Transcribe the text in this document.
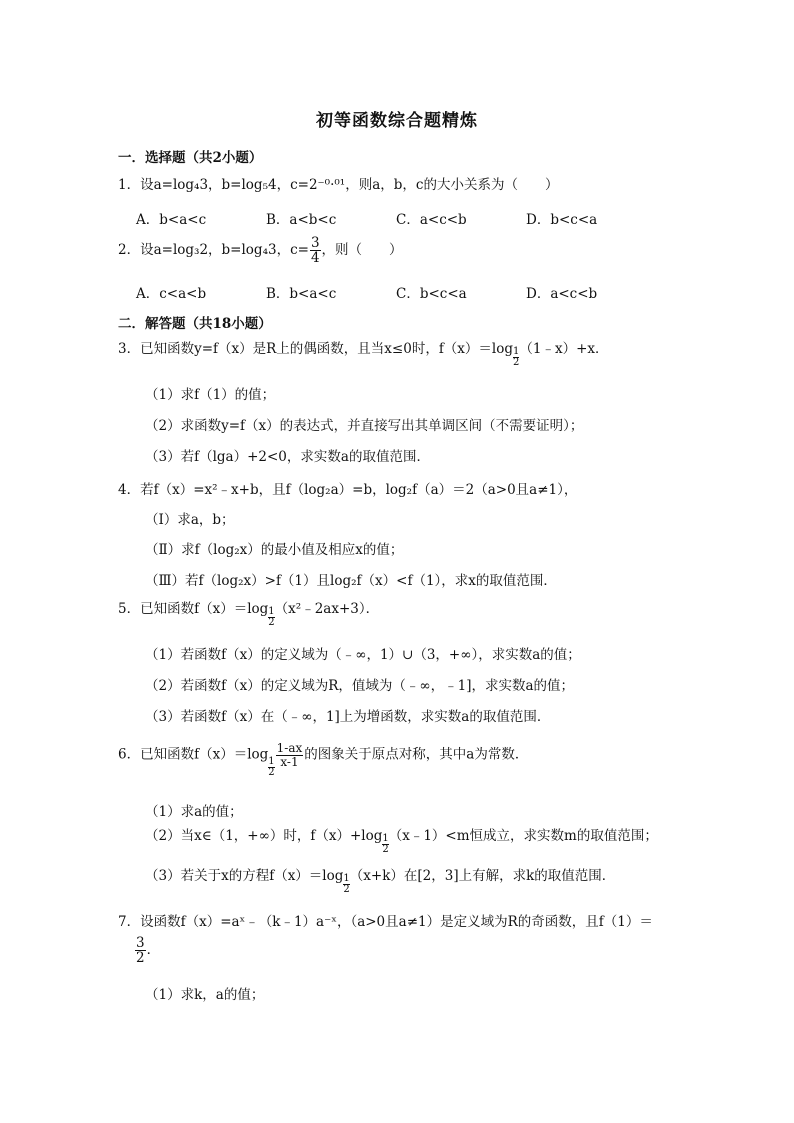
初等函数综合题精炼
一．选择题（共2小题）
1．设a=log₄3，b=log₅4，c=2⁻⁰·⁰¹，则a，b，c的大小关系为（　　）
A．b<a<c	B．a<b<c	C．a<c<b	D．b<c<a
2．设a=log₃2，b=log₄3，$c= \frac{3}{4}$ ，则（　　）
A．c<a<b	B．b<a<c	C．b<c<a	D．a<c<b
二．解答题（共18小题）
3．已知函数y=f（x）是R上的偶函数，且当x≤0时，$f(x)=\log \frac{1}{2}$ （1﹣x）+x．
（1）求f（1）的值；
（2）求函数y=f（x）的表达式，并直接写出其单调区间（不需要证明）；
（3）若f（lga）+2<0，求实数a的取值范围．
4．若f（x）=x²﹣x+b，且f（log₂a）=b，log₂f（a）＝2（a>0且a≠1），
（Ⅰ）求a，b；
（Ⅱ）求f（log₂x）的最小值及相应x的值；
（Ⅲ）若f（log₂x）>f（1）且log₂f（x）<f（1），求x的取值范围．
5．已知函数$f(x)=\log \frac{1}{2}$ （x²﹣2ax+3）．
（1）若函数f（x）的定义域为（﹣∞，1）∪（3，+∞），求实数a的值；
（2）若函数f（x）的定义域为R，值域为（﹣∞，﹣1]，求实数a的值；
（3）若函数f（x）在（﹣∞，1]上为增函数，求实数a的取值范围．
6．已知函数f（x）＝log
$\frac{1}{2} \frac{1-ax}{x-1}$ 的图象关于原点对称，其中a为常数．
（1）求a的值；
（2）当x∈（1，+∞）时，$f(x)+\log \frac{1}{2}$ （x﹣1）<m恒成立，求实数m的取值范围；
（3）若关于x的方程$f(x)=\log \frac{1}{2} (x+k)$在[2，3]上有解，求k的取值范围．
7．设函数f（x）=aˣ﹣（k﹣1）a⁻ˣ，（a>0且a≠1）是定义域为R的奇函数，且f（1）＝
$\frac{3}{2}$ ．
（1）求k，a的值；
